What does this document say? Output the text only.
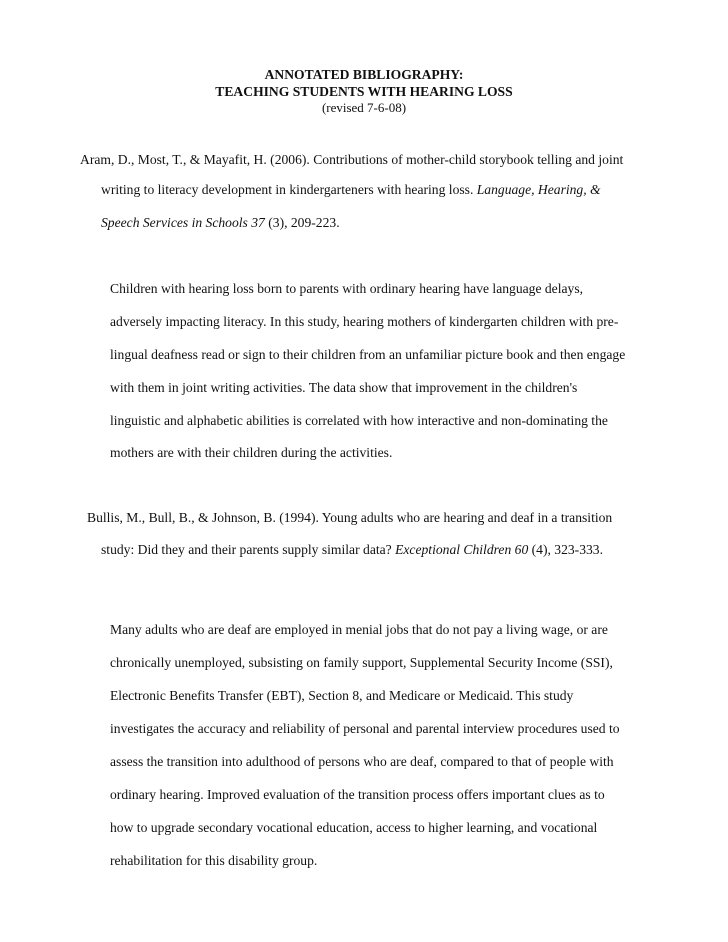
ANNOTATED BIBLIOGRAPHY:
TEACHING STUDENTS WITH HEARING LOSS
(revised 7-6-08)
Aram, D., Most, T., & Mayafit, H. (2006). Contributions of mother-child storybook telling and joint
writing to literacy development in kindergarteners with hearing loss. Language, Hearing, &
Speech Services in Schools 37 (3), 209-223.
Children with hearing loss born to parents with ordinary hearing have language delays,
adversely impacting literacy. In this study, hearing mothers of kindergarten children with pre-
lingual deafness read or sign to their children from an unfamiliar picture book and then engage
with them in joint writing activities. The data show that improvement in the children's
linguistic and alphabetic abilities is correlated with how interactive and non-dominating the
mothers are with their children during the activities.
Bullis, M., Bull, B., & Johnson, B. (1994). Young adults who are hearing and deaf in a transition
study: Did they and their parents supply similar data? Exceptional Children 60 (4), 323-333.
Many adults who are deaf are employed in menial jobs that do not pay a living wage, or are
chronically unemployed, subsisting on family support, Supplemental Security Income (SSI),
Electronic Benefits Transfer (EBT), Section 8, and Medicare or Medicaid. This study
investigates the accuracy and reliability of personal and parental interview procedures used to
assess the transition into adulthood of persons who are deaf, compared to that of people with
ordinary hearing. Improved evaluation of the transition process offers important clues as to
how to upgrade secondary vocational education, access to higher learning, and vocational
rehabilitation for this disability group.
